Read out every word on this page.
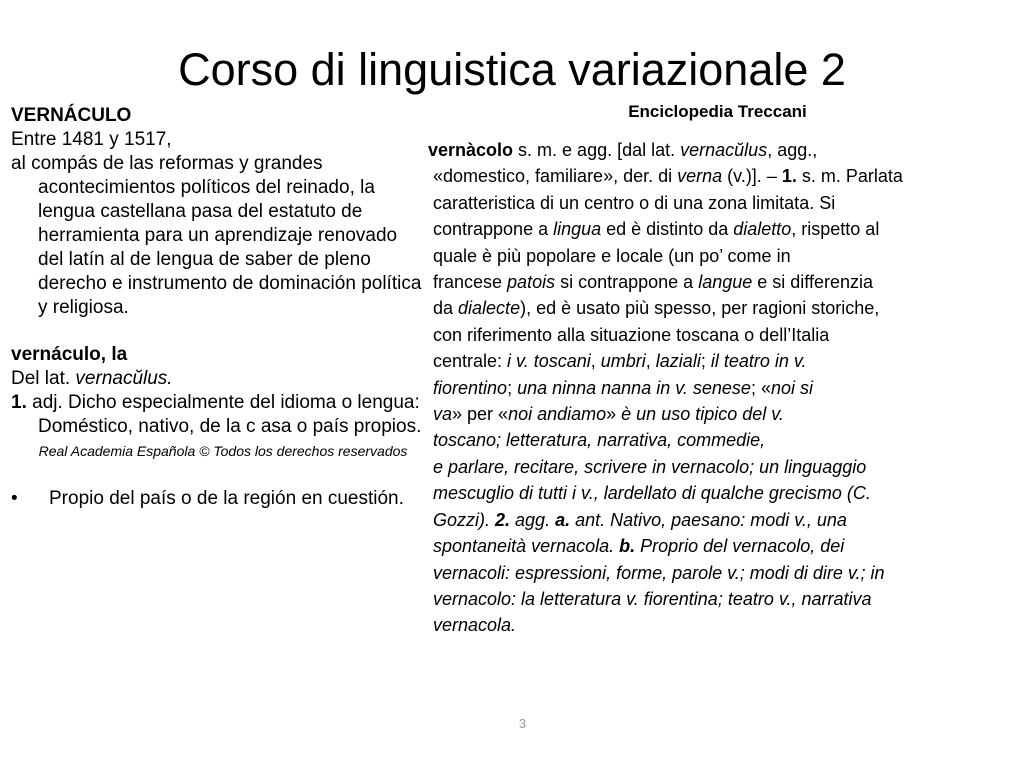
Corso di linguistica variazionale 2

VERNÁCULO

Entre 1481 y 1517,

al compás de las reformas y grandes acontecimientos políticos del reinado, la lengua castellana pasa del estatuto de herramienta para un aprendizaje renovado del latín al de lengua de saber de pleno derecho e instrumento de dominación política y religiosa.

vernáculo, la

Del lat. vernacŭlus.

1. adj. Dicho especialmente del idioma o lengua: Doméstico, nativo, de la c asa o país propios.

Real Academia Española © Todos los derechos reservados

•	Propio del país o de la región en cuestión.

Enciclopedia Treccani

vernàcolo s. m. e agg. [dal lat. vernacŭlus, agg.,
«domestico, familiare», der. di verna (v.)]. – 1. s. m. Parlata
caratteristica di un centro o di una zona limitata. Si
contrappone a lingua ed è distinto da dialetto, rispetto al
quale è più popolare e locale (un po’ come in
francese patois si contrappone a langue e si differenzia
da dialecte), ed è usato più spesso, per ragioni storiche,
con riferimento alla situazione toscana o dell’Italia
centrale: i v. toscani, umbri, laziali; il teatro in v.
fiorentino; una ninna nanna in v. senese; «noi si
va» per «noi andiamo» è un uso tipico del v.
toscano; letteratura, narrativa, commedie,
e parlare, recitare, scrivere in vernacolo; un linguaggio
mescuglio di tutti i v., lardellato di qualche grecismo (C.
Gozzi). 2. agg. a. ant. Nativo, paesano: modi v., una
spontaneità vernacola. b. Proprio del vernacolo, dei
vernacoli: espressioni, forme, parole v.; modi di dire v.; in
vernacolo: la letteratura v. fiorentina; teatro v., narrativa
vernacola.

3
